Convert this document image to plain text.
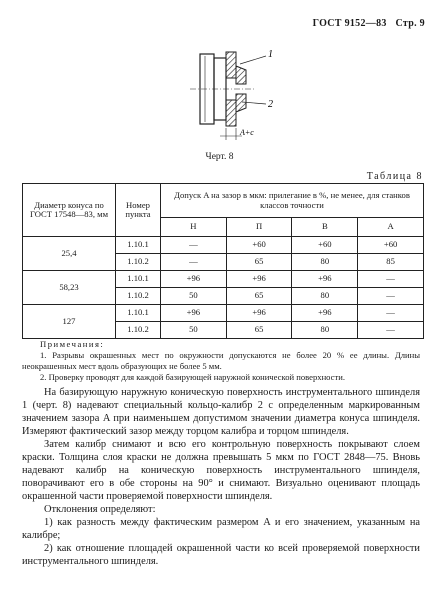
ГОСТ 9152—83 Стр. 9
1
2
A+c
Черт. 8
Таблица 8
Диаметр конуса по ГОСТ 17548—83, мм	Номер пункта	Допуск A на зазор в мкм: прилегание в %, не менее, для станков классов точности			
		Н	П	В	А
25,4	1.10.1	—	+60	+60	+60
	1.10.2	—	65	80	85
58,23	1.10.1	+96	+96	+96	—
	1.10.2	50	65	80	—
127	1.10.1	+96	+96	+96	—
	1.10.2	50	65	80	—

Примечания:

1. Разрывы окрашенных мест по окружности допускаются не более 20 % ее длины. Длины неокрашенных мест вдоль образующих не более 5 мм.

2. Проверку проводят для каждой базирующей наружной конической поверхности.

На базирующую наружную коническую поверхность инструментального шпинделя 1 (черт. 8) надевают специальный кольцо-калибр 2 с определенным маркированным значением зазора A при наименьшем допустимом значении диаметра конуса шпинделя. Измеряют фактический зазор между торцом калибра и торцом шпинделя.

Затем калибр снимают и всю его контрольную поверхность покрывают слоем краски. Толщина слоя краски не должна превышать 5 мкм по ГОСТ 2848—75. Вновь надевают калибр на коническую поверхность инструментального шпинделя, поворачивают его в обе стороны на 90° и снимают. Визуально оценивают площадь окрашенной части проверяемой поверхности шпинделя.

Отклонения определяют:

1) как разность между фактическим размером A и его значением, указанным на калибре;

2) как отношение площадей окрашенной части ко всей проверяемой поверхности инструментального шпинделя.
